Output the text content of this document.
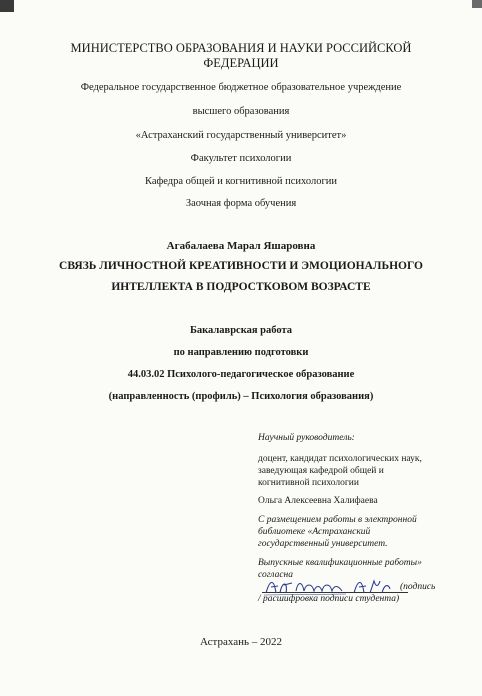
МИНИСТЕРСТВО ОБРАЗОВАНИЯ И НАУКИ РОССИЙСКОЙ
ФЕДЕРАЦИИ
Федеральное государственное бюджетное образовательное учреждение
высшего образования
«Астраханский государственный университет»
Факультет психологии
Кафедра общей и когнитивной психологии
Заочная форма обучения
Агабалаева Марал Яшаровна
СВЯЗЬ ЛИЧНОСТНОЙ КРЕАТИВНОСТИ И ЭМОЦИОНАЛЬНОГО
ИНТЕЛЛЕКТА В ПОДРОСТКОВОМ ВОЗРАСТЕ
Бакалаврская работа
по направлению подготовки
44.03.02 Психолого-педагогическое образование
(направленность (профиль) – Психология образования)
Научный руководитель:
доцент, кандидат психологических наук,
заведующая кафедрой общей и
когнитивной психологии
Ольга Алексеевна Халифаева
С размещением работы в электронной
библиотеке «Астраханский
государственный университет.
Выпускные квалификационные работы»
согласна
(подпись
/ расшифровка подписи студента)
Астрахань – 2022
